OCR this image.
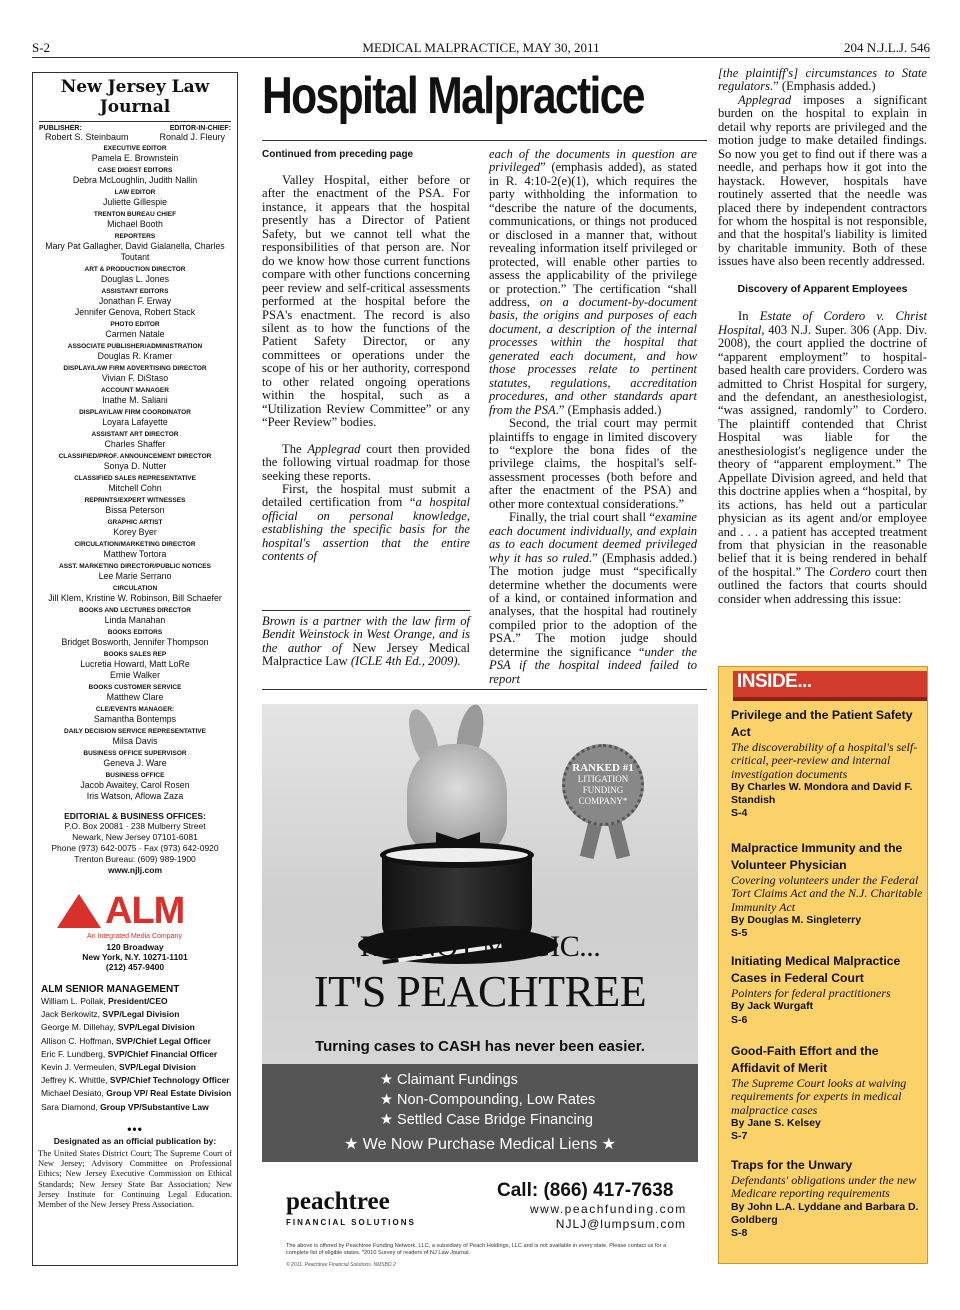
S-2	MEDICAL MALPRACTICE, MAY 30, 2011	204 N.J.L.J. 546
New Jersey Law Journal
PUBLISHER:	EDITOR-IN-CHIEF:
Robert S. Steinbaum	Ronald J. Fleury
EXECUTIVE EDITOR
Pamela E. Brownstein
CASE DIGEST EDITORS
Debra McLoughlin, Judith Nallin
LAW EDITOR
Juliette Gillespie
TRENTON BUREAU CHIEF
Michael Booth
REPORTERS
Mary Pat Gallagher, David Gialanella, Charles Toutant
ART & PRODUCTION DIRECTOR
Douglas L. Jones
ASSISTANT EDITORS
Jonathan F. Erway
Jennifer Genova, Robert Stack
PHOTO EDITOR
Carmen Natale
ASSOCIATE PUBLISHER/ADMINISTRATION
Douglas R. Kramer
DISPLAY/LAW FIRM ADVERTISING DIRECTOR
Vivian F. DiStaso
ACCOUNT MANAGER
Inathe M. Saliani
DISPLAY/LAW FIRM COORDINATOR
Loyara Lafayette
ASSISTANT ART DIRECTOR
Charles Shaffer
CLASSIFIED/PROF. ANNOUNCEMENT DIRECTOR
Sonya D. Nutter
CLASSIFIED SALES REPRESENTATIVE
Mitchell Cohn
REPRINTS/EXPERT WITNESSES
Bissa Peterson
GRAPHIC ARTIST
Korey Byer
CIRCULATION/MARKETING DIRECTOR
Matthew Tortora
ASST. MARKETING DIRECTOR/PUBLIC NOTICES
Lee Marie Serrano
CIRCULATION
Jill Klem, Kristine W. Robinson, Bill Schaefer
BOOKS AND LECTURES DIRECTOR
Linda Manahan
BOOKS EDITORS
Bridget Bosworth, Jennifer Thompson
BOOKS SALES REP
Lucretia Howard, Matt LoRe
Ernie Walker
BOOKS CUSTOMER SERVICE
Matthew Clare
CLE/EVENTS MANAGER:
Samantha Bontemps
DAILY DECISION SERVICE REPRESENTATIVE
Milsa Davis
BUSINESS OFFICE SUPERVISOR
Geneva J. Ware
BUSINESS OFFICE
Jacob Awaitey, Carol Rosen
Iris Watson, Aflowa Zaza
EDITORIAL & BUSINESS OFFICES:
P.O. Box 20081 · 238 Mulberry Street
Newark, New Jersey 07101-6081
Phone (973) 642-0075 · Fax (973) 642-0920
Trenton Bureau: (609) 989-1900
www.njlj.com
ALM
An Integrated Media Company
120 Broadway
New York, N.Y. 10271-1101
(212) 457-9400
ALM SENIOR MANAGEMENT
William L. Pollak, President/CEO
Jack Berkowitz, SVP/Legal Division
George M. Dillehay, SVP/Legal Division
Allison C. Hoffman, SVP/Chief Legal Officer
Eric F. Lundberg, SVP/Chief Financial Officer
Kevin J. Vermeulen, SVP/Legal Division
Jeffrey K. Whittle, SVP/Chief Technology Officer
Michael Desiato, Group VP/ Real Estate Division
Sara Diamond, Group VP/Substantive Law
•••
Designated as an official publication by:
The United States District Court; The Supreme Court of New Jersey; Advisory Committee on Professional Ethics; New Jersey Executive Commission on Ethical Standards; New Jersey State Bar Association; New Jersey Institute for Continuing Legal Education. Member of the New Jersey Press Association.
Hospital Malpractice
Continued from preceding page

Valley Hospital, either before or after the enactment of the PSA. For instance, it appears that the hospital presently has a Director of Patient Safety, but we cannot tell what the responsibilities of that person are. Nor do we know how those current functions compare with other functions concerning peer review and self-critical assessments performed at the hospital before the PSA's enactment. The record is also silent as to how the functions of the Patient Safety Director, or any committees or operations under the scope of his or her authority, correspond to other related ongoing operations within the hospital, such as a “Utilization Review Committee” or any “Peer Review” bodies.

The Applegrad court then provided the following virtual roadmap for those seeking these reports.

First, the hospital must submit a detailed certification from “a hospital official on personal knowledge, establishing the specific basis for the hospital's assertion that the entire contents of

Brown is a partner with the law firm of Bendit Weinstock in West Orange, and is the author of New Jersey Medical Malpractice Law (ICLE 4th Ed., 2009).

each of the documents in question are privileged” (emphasis added), as stated in R. 4:10-2(e)(1), which requires the party withholding the information to “describe the nature of the documents, communications, or things not produced or disclosed in a manner that, without revealing information itself privileged or protected, will enable other parties to assess the applicability of the privilege or protection.” The certification “shall address, on a document-by-document basis, the origins and purposes of each document, a description of the internal processes within the hospital that generated each document, and how those processes relate to pertinent statutes, regulations, accreditation procedures, and other standards apart from the PSA.” (Emphasis added.)

Second, the trial court may permit plaintiffs to engage in limited discovery to “explore the bona fides of the privilege claims, the hospital's self-assessment processes (both before and after the enactment of the PSA) and other more contextual considerations.”

Finally, the trial court shall “examine each document individually, and explain as to each document deemed privileged why it has so ruled.” (Emphasis added.) The motion judge must “specifically determine whether the documents were of a kind, or contained information and analyses, that the hospital had routinely compiled prior to the adoption of the PSA.” The motion judge should determine the significance “under the PSA if the hospital indeed failed to report

[the plaintiff's] circumstances to State regulators.” (Emphasis added.)

Applegrad imposes a significant burden on the hospital to explain in detail why reports are privileged and the motion judge to make detailed findings. So now you get to find out if there was a needle, and perhaps how it got into the haystack. However, hospitals have routinely asserted that the needle was placed there by independent contractors for whom the hospital is not responsible, and that the hospital's liability is limited by charitable immunity. Both of these issues have also been recently addressed.

Discovery of Apparent Employees

In Estate of Cordero v. Christ Hospital, 403 N.J. Super. 306 (App. Div. 2008), the court applied the doctrine of “apparent employment” to hospital-based health care providers. Cordero was admitted to Christ Hospital for surgery, and the defendant, an anesthesiologist, “was assigned, randomly” to Cordero. The plaintiff contended that Christ Hospital was liable for the anesthesiologist's negligence under the theory of “apparent employment.” The Appellate Division agreed, and held that this doctrine applies when a “hospital, by its actions, has held out a particular physician as its agent and/or employee and . . . a patient has accepted treatment from that physician in the reasonable belief that it is being rendered in behalf of the hospital.” The Cordero court then outlined the factors that courts should consider when addressing this issue:

RANKED #1
LITIGATION
FUNDING
COMPANY*
IT'S NOT MAGIC...
IT'S PEACHTREE
Turning cases to CASH has never been easier.
★ Claimant Fundings
★ Non-Compounding, Low Rates
★ Settled Case Bridge Financing
★ We Now Purchase Medical Liens ★
peachtree
FINANCIAL SOLUTIONS
Call: (866) 417-7638
www.peachfunding.com
NJLJ@lumpsum.com
The above is offered by Peachtree Funding Network, LLC, a subsidiary of Peach Holdings, LLC and is not available in every state. Please contact us for a complete list of eligible states. *2010 Survey of readers of NJ Law Journal.
© 2011. Peachtree Financial Solutions. NMSBD 2
INSIDE...
Privilege and the Patient Safety Act
The discoverability of a hospital's self-critical, peer-review and internal investigation documents
By Charles W. Mondora and David F. Standish
S-4
Malpractice Immunity and the Volunteer Physician
Covering volunteers under the Federal Tort Claims Act and the N.J. Charitable Immunity Act
By Douglas M. Singleterry
S-5
Initiating Medical Malpractice Cases in Federal Court
Pointers for federal practitioners
By Jack Wurgaft
S-6
Good-Faith Effort and the Affidavit of Merit
The Supreme Court looks at waiving requirements for experts in medical malpractice cases
By Jane S. Kelsey
S-7
Traps for the Unwary
Defendants' obligations under the new Medicare reporting requirements
By John L.A. Lyddane and Barbara D. Goldberg
S-8
